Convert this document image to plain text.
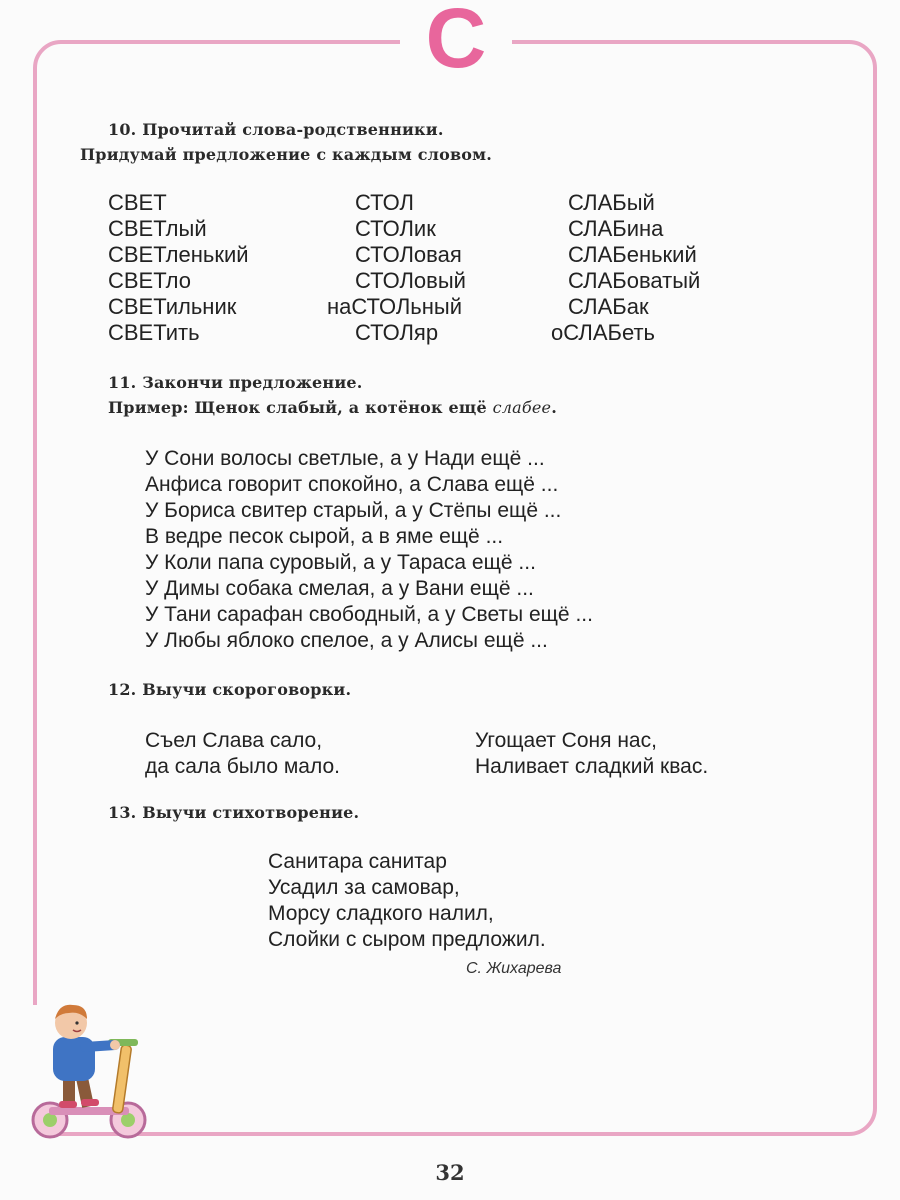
С
10. Прочитай слова-родственники.
Придумай предложение с каждым словом.
СВЕТ
СВЕТлый
СВЕТленький
СВЕТло
СВЕТильник
СВЕТить
СТОЛ
СТОЛик
СТОЛовая
СТОЛовый
наСТОЛьный
СТОЛяр
СЛАБый
СЛАБина
СЛАБенький
СЛАБоватый
СЛАБак
оСЛАБеть
11. Закончи предложение.
Пример: Щенок слабый, а котёнок ещё слабее.
У Сони волосы светлые, а у Нади ещё ...
Анфиса говорит спокойно, а Слава ещё ...
У Бориса свитер старый, а у Стёпы ещё ...
В ведре песок сырой, а в яме ещё ...
У Коли папа суровый, а у Тараса ещё ...
У Димы собака смелая, а у Вани ещё ...
У Тани сарафан свободный, а у Светы ещё ...
У Любы яблоко спелое, а у Алисы ещё ...
12. Выучи скороговорки.
Съел Слава сало,
да сала было мало.
Угощает Соня нас,
Наливает сладкий квас.
13. Выучи стихотворение.
Санитара санитар
Усадил за самовар,
Морсу сладкого налил,
Слойки с сыром предложил.
С. Жихарева
32
